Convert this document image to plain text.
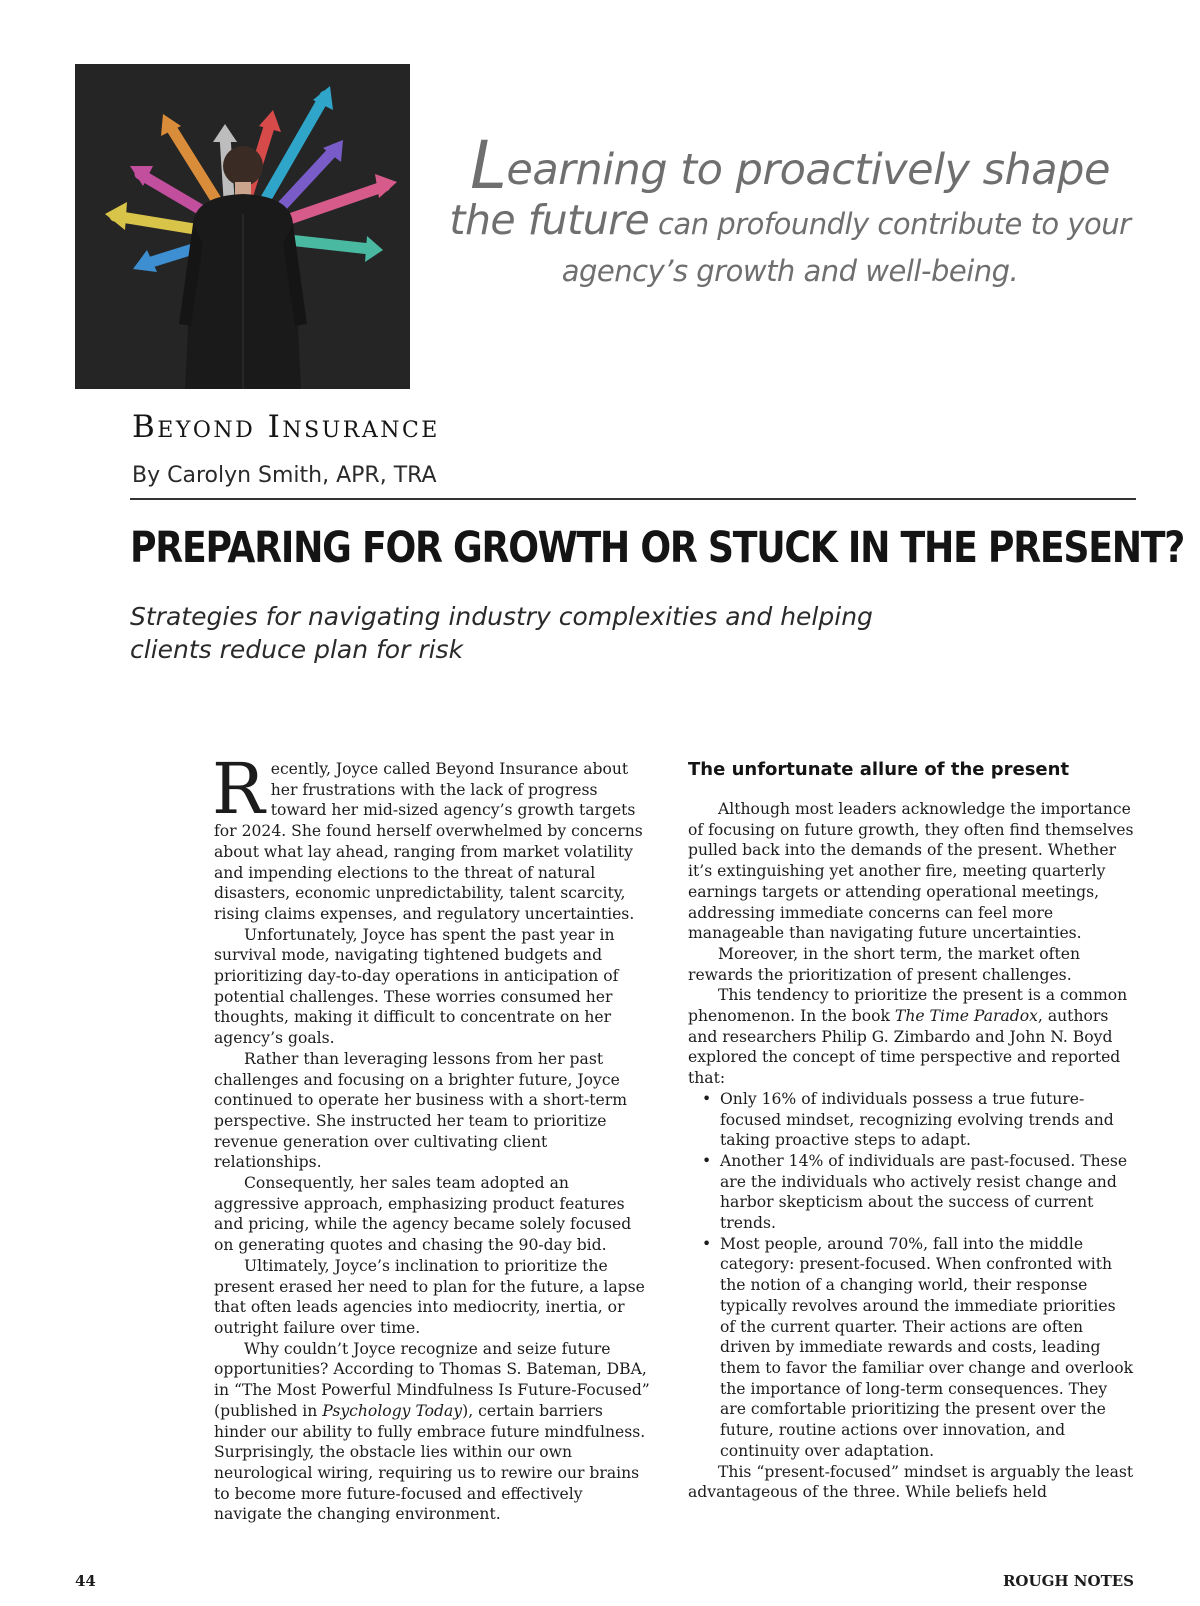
Learning to proactively shape
the future can profoundly contribute to your
agency’s growth and well-being.
Beyond Insurance
By Carolyn Smith, APR, TRA
PREPARING FOR GROWTH OR STUCK IN THE PRESENT?
Strategies for navigating industry complexities and helping clients reduce plan for risk

Recently, Joyce called Beyond Insurance about her frustrations with the lack of progress toward her mid-sized agency’s growth targets for 2024. She found herself overwhelmed by concerns about what lay ahead, ranging from market volatility and impending elections to the threat of natural disasters, economic unpredictability, talent scarcity, rising claims expenses, and regulatory uncertainties.

Unfortunately, Joyce has spent the past year in survival mode, navigating tightened budgets and prioritizing day-to-day operations in anticipation of potential challenges. These worries consumed her thoughts, making it difficult to concentrate on her agency’s goals.

Rather than leveraging lessons from her past challenges and focusing on a brighter future, Joyce continued to operate her business with a short-term perspective. She instructed her team to prioritize revenue generation over cultivating client relationships.

Consequently, her sales team adopted an aggressive approach, emphasizing product features and pricing, while the agency became solely focused on generating quotes and chasing the 90-day bid.

Ultimately, Joyce’s inclination to prioritize the present erased her need to plan for the future, a lapse that often leads agencies into mediocrity, inertia, or outright failure over time.

Why couldn’t Joyce recognize and seize future opportunities? According to Thomas S. Bateman, DBA, in “The Most Powerful Mindfulness Is Future-Focused” (published in Psychology Today), certain barriers hinder our ability to fully embrace future mindfulness. Surprisingly, the obstacle lies within our own neurological wiring, requiring us to rewire our brains to become more future-focused and effectively navigate the changing environment.

The unfortunate allure of the present

Although most leaders acknowledge the importance of focusing on future growth, they often find themselves pulled back into the demands of the present. Whether it’s extinguishing yet another fire, meeting quarterly earnings targets or attending operational meetings, addressing immediate concerns can feel more manageable than navigating future uncertainties.

Moreover, in the short term, the market often rewards the prioritization of present challenges.

This tendency to prioritize the present is a common phenomenon. In the book The Time Paradox, authors and researchers Philip G. Zimbardo and John N. Boyd explored the concept of time perspective and reported that:

• Only 16% of individuals possess a true future-focused mindset, recognizing evolving trends and taking proactive steps to adapt.
• Another 14% of individuals are past-focused. These are the individuals who actively resist change and harbor skepticism about the success of current trends.
• Most people, around 70%, fall into the middle category: present-focused. When confronted with the notion of a changing world, their response typically revolves around the immediate priorities of the current quarter. Their actions are often driven by immediate rewards and costs, leading them to favor the familiar over change and overlook the importance of long-term consequences. They are comfortable prioritizing the present over the future, routine actions over innovation, and continuity over adaptation.

This “present-focused” mindset is arguably the least advantageous of the three. While beliefs held

44	ROUGH NOTES
